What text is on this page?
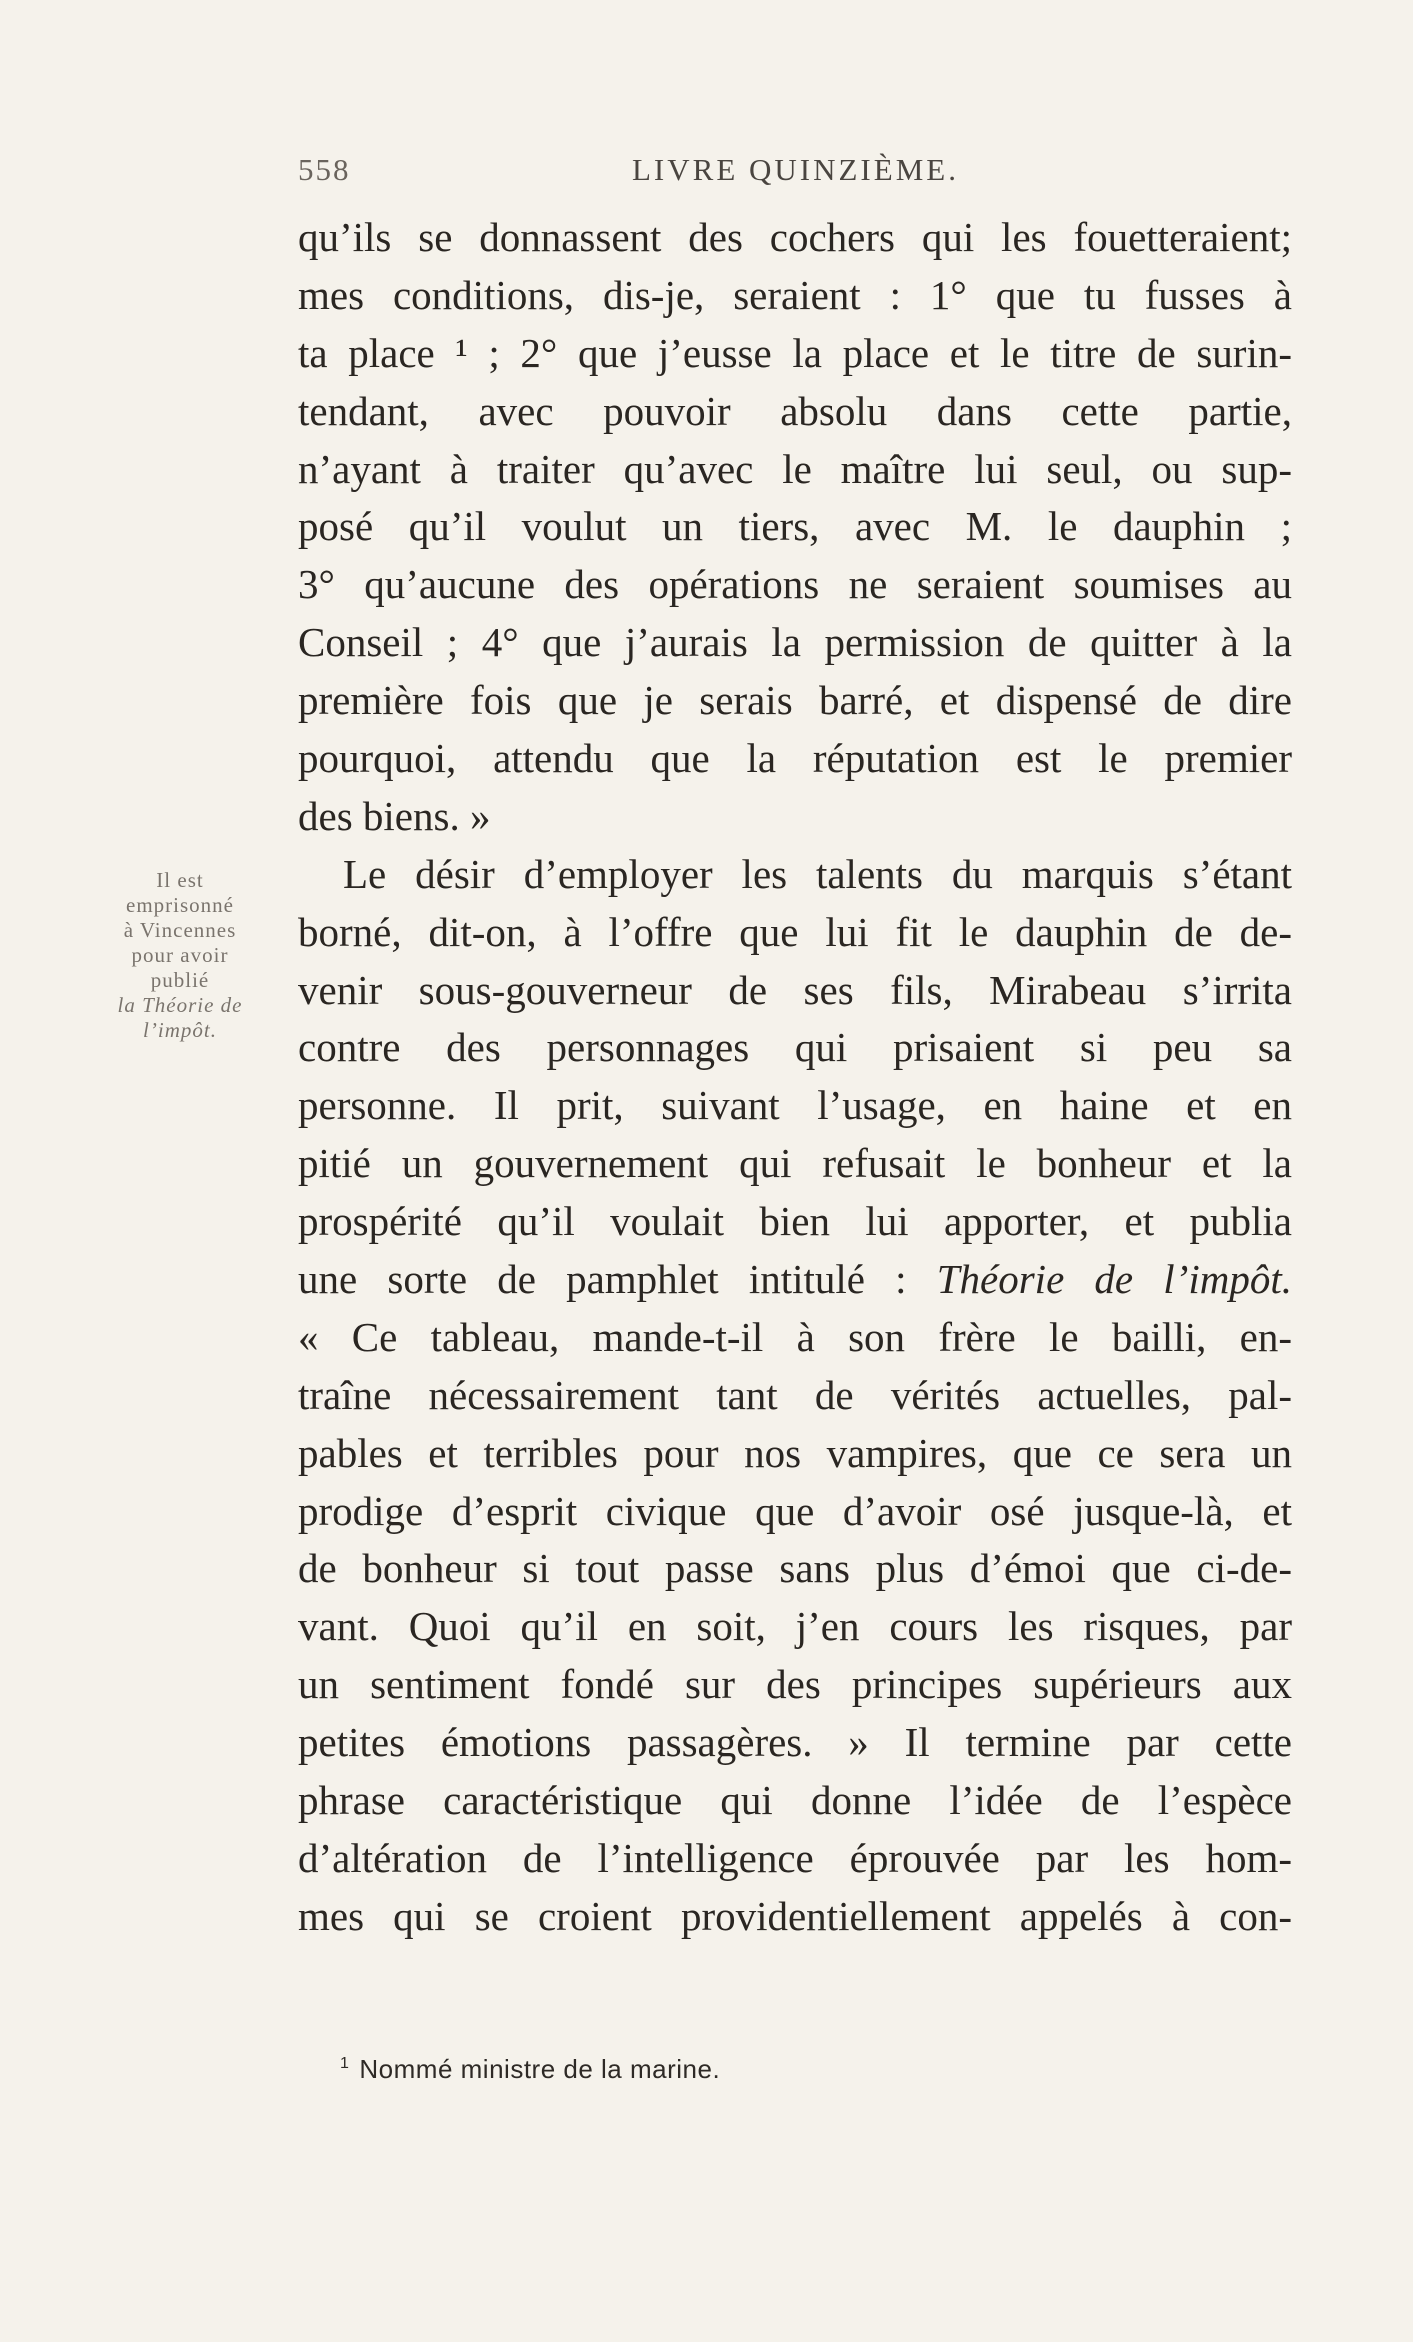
558	LIVRE QUINZIÈME.
Il est
emprisonné
à Vincennes
pour avoir
publié
la Théorie de
l’impôt.
qu’ils se donnassent des cochers qui les fouetteraient;
mes conditions, dis-je, seraient : 1° que tu fusses à
ta place ¹ ; 2° que j’eusse la place et le titre de surin-
tendant, avec pouvoir absolu dans cette partie,
n’ayant à traiter qu’avec le maître lui seul, ou sup-
posé qu’il voulut un tiers, avec M. le dauphin ;
3° qu’aucune des opérations ne seraient soumises au
Conseil ; 4° que j’aurais la permission de quitter à la
première fois que je serais barré, et dispensé de dire
pourquoi, attendu que la réputation est le premier
des biens. »
Le désir d’employer les talents du marquis s’étant
borné, dit-on, à l’offre que lui fit le dauphin de de-
venir sous-gouverneur de ses fils, Mirabeau s’irrita
contre des personnages qui prisaient si peu sa
personne. Il prit, suivant l’usage, en haine et en
pitié un gouvernement qui refusait le bonheur et la
prospérité qu’il voulait bien lui apporter, et publia
une sorte de pamphlet intitulé : Théorie de l’impôt.
« Ce tableau, mande-t-il à son frère le bailli, en-
traîne nécessairement tant de vérités actuelles, pal-
pables et terribles pour nos vampires, que ce sera un
prodige d’esprit civique que d’avoir osé jusque-là, et
de bonheur si tout passe sans plus d’émoi que ci-de-
vant. Quoi qu’il en soit, j’en cours les risques, par
un sentiment fondé sur des principes supérieurs aux
petites émotions passagères. » Il termine par cette
phrase caractéristique qui donne l’idée de l’espèce
d’altération de l’intelligence éprouvée par les hom-
mes qui se croient providentiellement appelés à con-
$^1$ Nommé ministre de la marine.
